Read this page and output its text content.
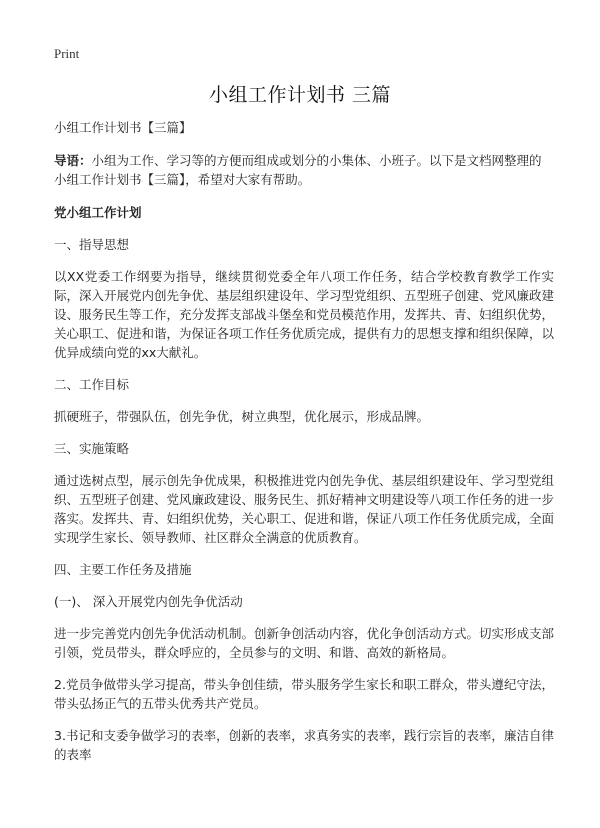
Print
小组工作计划书 三篇

小组工作计划书【三篇】

导语：小组为工作、学习等的方便而组成或划分的小集体、小班子。以下是文档网整理的小组工作计划书【三篇】，希望对大家有帮助。

党小组工作计划

一、指导思想

以XX党委工作纲要为指导，继续贯彻党委全年八项工作任务，结合学校教育教学工作实际，深入开展党内创先争优、基层组织建设年、学习型党组织、五型班子创建、党风廉政建设、服务民生等工作，充分发挥支部战斗堡垒和党员模范作用，发挥共、青、妇组织优势，关心职工、促进和谐，为保证各项工作任务优质完成，提供有力的思想支撑和组织保障，以优异成绩向党的xx大献礼。

二、工作目标

抓硬班子，带强队伍，创先争优，树立典型，优化展示，形成品牌。

三、实施策略

通过选树点型，展示创先争优成果，积极推进党内创先争优、基层组织建设年、学习型党组织、五型班子创建、党风廉政建设、服务民生、抓好精神文明建设等八项工作任务的进一步落实。发挥共、青、妇组织优势，关心职工、促进和谐，保证八项工作任务优质完成，全面实现学生家长、领导教师、社区群众全满意的优质教育。

四、主要工作任务及措施

(一)、 深入开展党内创先争优活动

进一步完善党内创先争优活动机制。创新争创活动内容，优化争创活动方式。切实形成支部引领，党员带头，群众呼应的，全员参与的文明、和谐、高效的新格局。

2.党员争做带头学习提高，带头争创佳绩，带头服务学生家长和职工群众，带头遵纪守法，带头弘扬正气的五带头优秀共产党员。

3.书记和支委争做学习的表率，创新的表率，求真务实的表率，践行宗旨的表率，廉洁自律的表率
